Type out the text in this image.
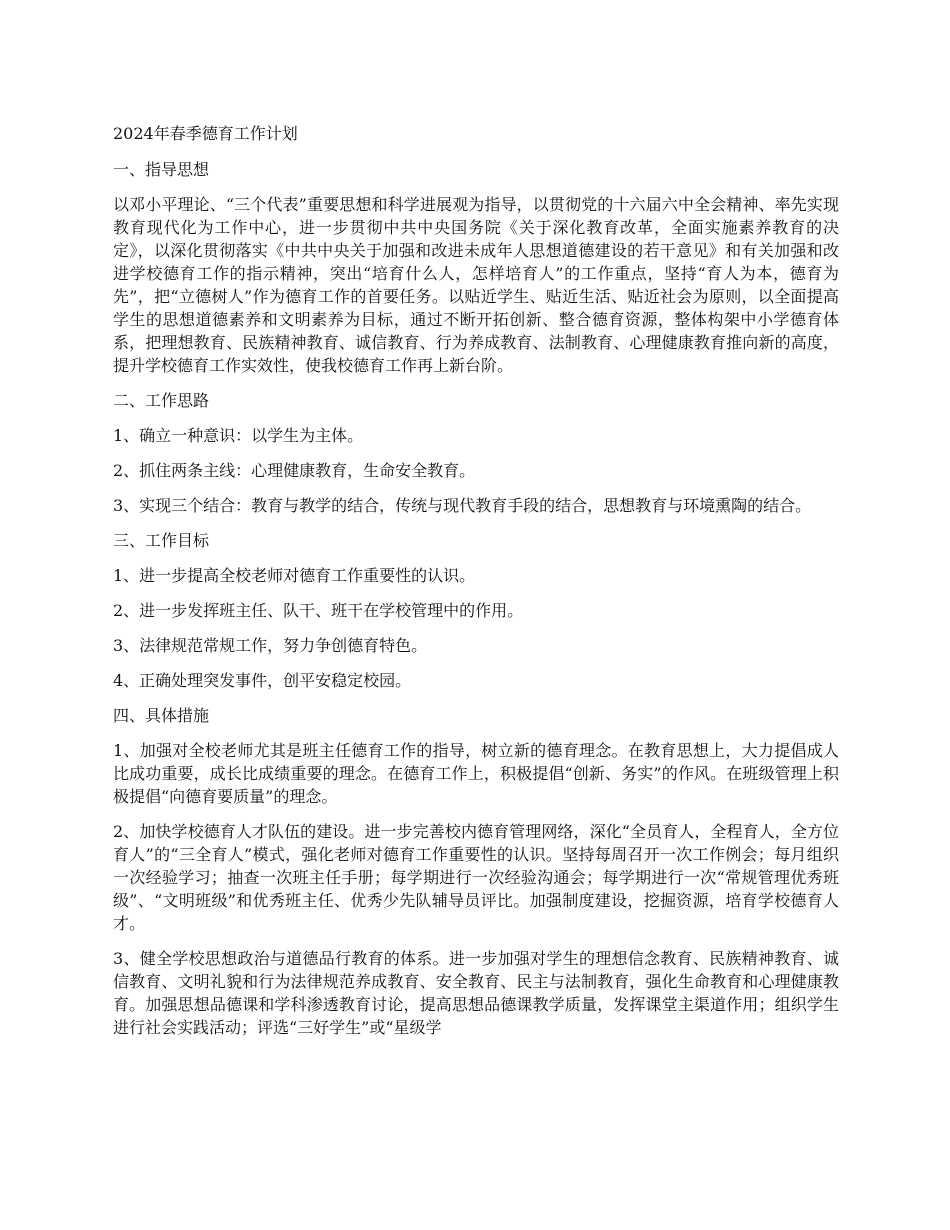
2024年春季德育工作计划

一、指导思想

以邓小平理论、“三个代表”重要思想和科学进展观为指导，以贯彻党的十六届六中全会精神、率先实现教育现代化为工作中心，进一步贯彻中共中央国务院《关于深化教育改革，全面实施素养教育的决定》，以深化贯彻落实《中共中央关于加强和改进未成年人思想道德建设的若干意见》和有关加强和改进学校德育工作的指示精神，突出“培育什么人，怎样培育人”的工作重点，坚持“育人为本，德育为先”，把“立德树人”作为德育工作的首要任务。以贴近学生、贴近生活、贴近社会为原则，以全面提高学生的思想道德素养和文明素养为目标，通过不断开拓创新、整合德育资源，整体构架中小学德育体系，把理想教育、民族精神教育、诚信教育、行为养成教育、法制教育、心理健康教育推向新的高度，提升学校德育工作实效性，使我校德育工作再上新台阶。

二、工作思路

1、确立一种意识：以学生为主体。

2、抓住两条主线：心理健康教育，生命安全教育。

3、实现三个结合：教育与教学的结合，传统与现代教育手段的结合，思想教育与环境熏陶的结合。

三、工作目标

1、进一步提高全校老师对德育工作重要性的认识。

2、进一步发挥班主任、队干、班干在学校管理中的作用。

3、法律规范常规工作，努力争创德育特色。

4、正确处理突发事件，创平安稳定校园。

四、具体措施

1、加强对全校老师尤其是班主任德育工作的指导，树立新的德育理念。在教育思想上，大力提倡成人比成功重要，成长比成绩重要的理念。在德育工作上，积极提倡“创新、务实”的作风。在班级管理上积极提倡“向德育要质量”的理念。

2、加快学校德育人才队伍的建设。进一步完善校内德育管理网络，深化“全员育人，全程育人，全方位育人”的“三全育人”模式，强化老师对德育工作重要性的认识。坚持每周召开一次工作例会；每月组织一次经验学习；抽查一次班主任手册；每学期进行一次经验沟通会；每学期进行一次“常规管理优秀班级”、“文明班级”和优秀班主任、优秀少先队辅导员评比。加强制度建设，挖掘资源，培育学校德育人才。

3、健全学校思想政治与道德品行教育的体系。进一步加强对学生的理想信念教育、民族精神教育、诚信教育、文明礼貌和行为法律规范养成教育、安全教育、民主与法制教育，强化生命教育和心理健康教育。加强思想品德课和学科渗透教育讨论，提高思想品德课教学质量，发挥课堂主渠道作用；组织学生进行社会实践活动；评选“三好学生”或“星级学
